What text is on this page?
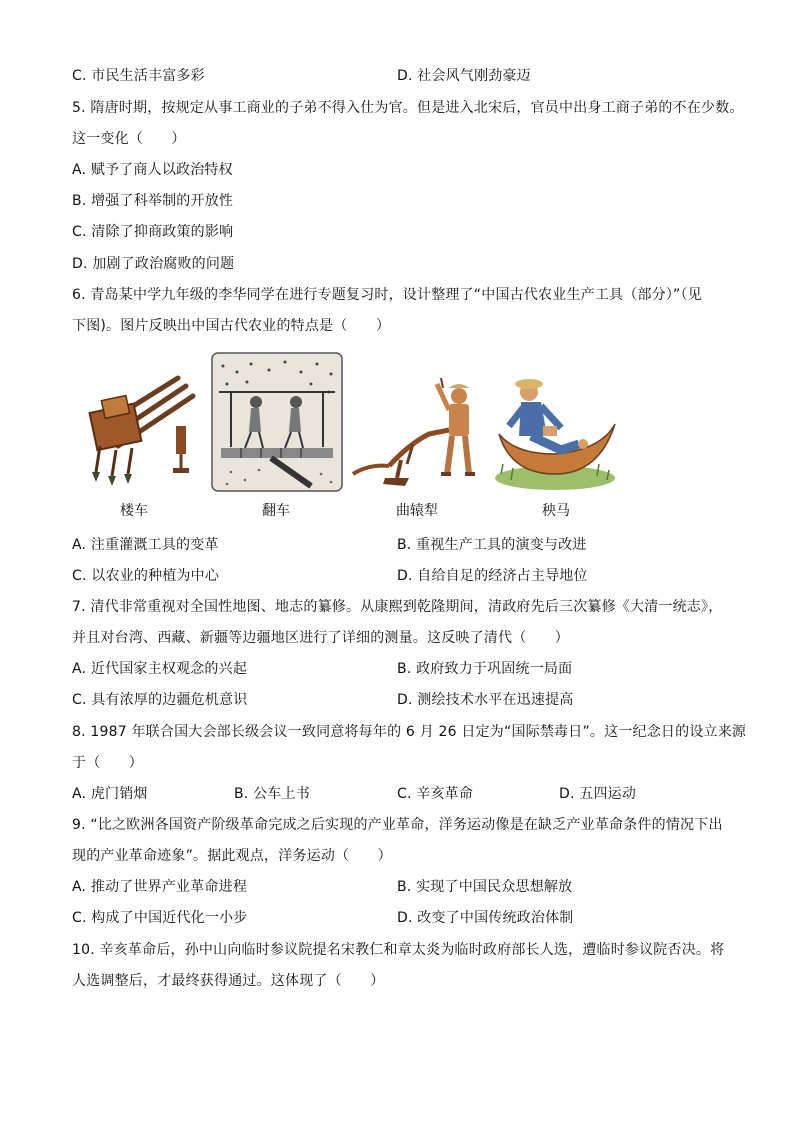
C. 市民生活丰富多彩	D. 社会风气刚劲豪迈
5. 隋唐时期，按规定从事工商业的子弟不得入仕为官。但是进入北宋后，官员中出身工商子弟的不在少数。
这一变化（　　）
A. 赋予了商人以政治特权
B. 增强了科举制的开放性
C. 清除了抑商政策的影响
D. 加剧了政治腐败的问题
6. 青岛某中学九年级的李华同学在进行专题复习时，设计整理了“中国古代农业生产工具（部分）”（见
下图)。图片反映出中国古代农业的特点是（　　）
楼车	翻车	曲辕犁	秧马
A. 注重灌溉工具的变革	B. 重视生产工具的演变与改进
C. 以农业的种植为中心	D. 自给自足的经济占主导地位
7. 清代非常重视对全国性地图、地志的纂修。从康熙到乾隆期间，清政府先后三次纂修《大清一统志》，
并且对台湾、西藏、新疆等边疆地区进行了详细的测量。这反映了清代（　　）
A. 近代国家主权观念的兴起	B. 政府致力于巩固统一局面
C. 具有浓厚的边疆危机意识	D. 测绘技术水平在迅速提高
8. 1987 年联合国大会部长级会议一致同意将每年的 6 月 26 日定为“国际禁毒日”。这一纪念日的设立来源
于（　　）
A. 虎门销烟	B. 公车上书	C. 辛亥革命	D. 五四运动
9. “比之欧洲各国资产阶级革命完成之后实现的产业革命，洋务运动像是在缺乏产业革命条件的情况下出
现的产业革命迹象”。据此观点，洋务运动（　　）
A. 推动了世界产业革命进程	B. 实现了中国民众思想解放
C. 构成了中国近代化一小步	D. 改变了中国传统政治体制
10. 辛亥革命后，孙中山向临时参议院提名宋教仁和章太炎为临时政府部长人选，遭临时参议院否决。将
人选调整后，才最终获得通过。这体现了（　　）
